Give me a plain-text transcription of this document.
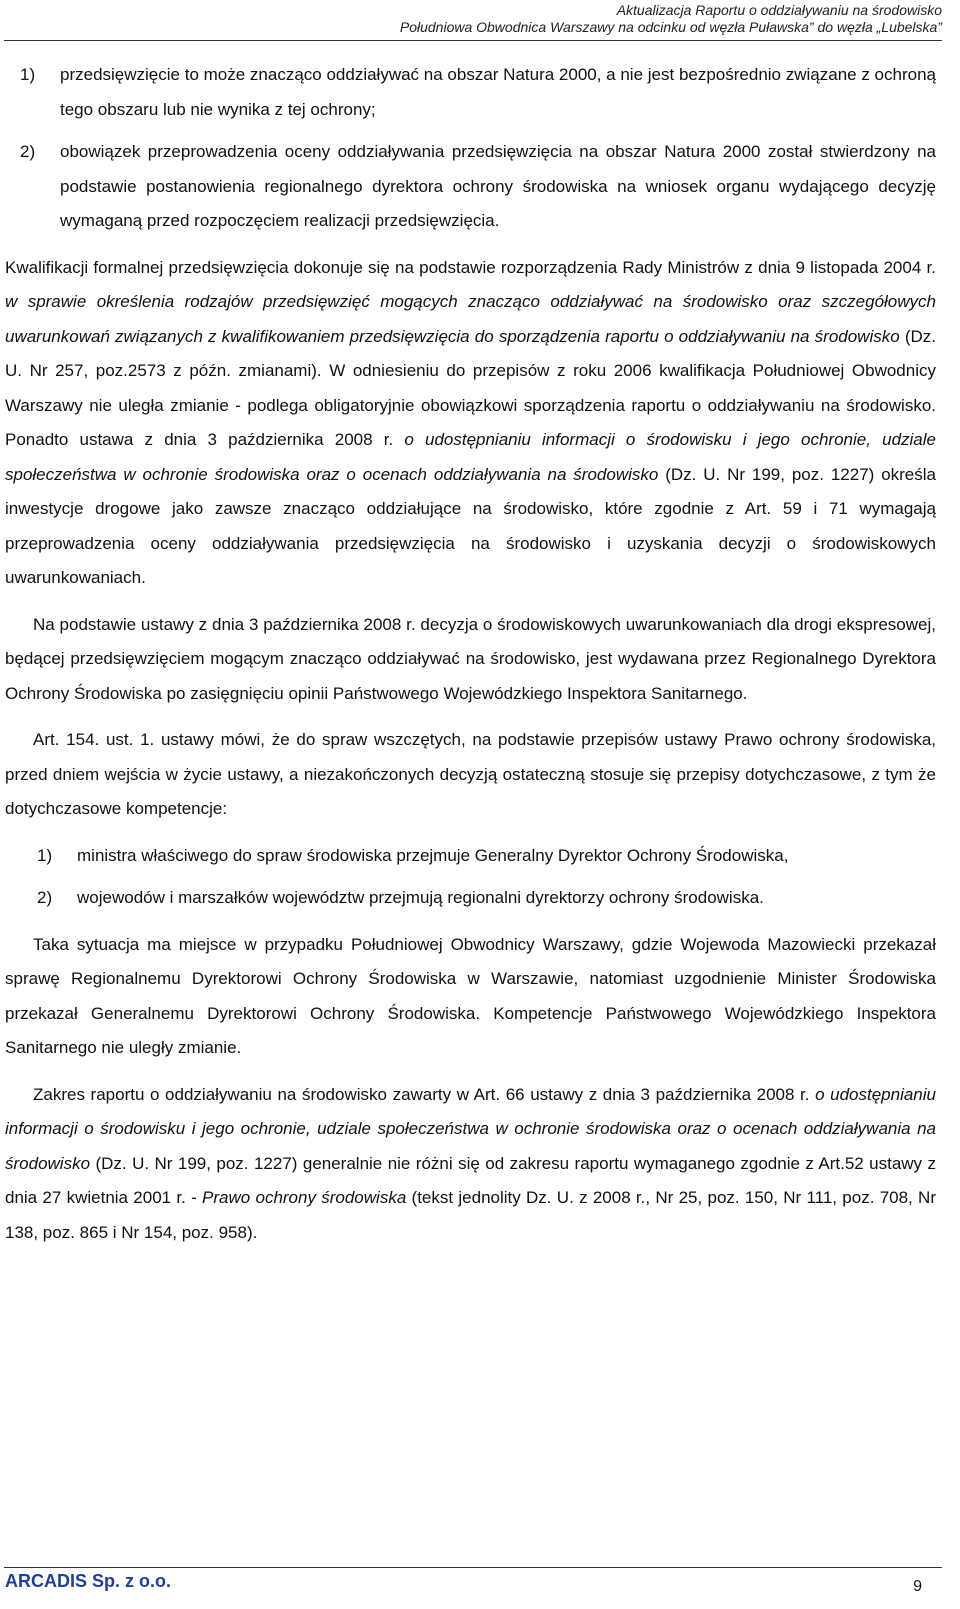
Aktualizacja Raportu o oddziaływaniu na środowisko
Południowa Obwodnica Warszawy na odcinku od węzła Puławska” do węzła „Lubelska”
1)	przedsięwzięcie to może znacząco oddziaływać na obszar Natura 2000, a nie jest bezpośrednio związane z ochroną tego obszaru lub nie wynika z tej ochrony;
2)	obowiązek przeprowadzenia oceny oddziaływania przedsięwzięcia na obszar Natura 2000 został stwierdzony na podstawie postanowienia regionalnego dyrektora ochrony środowiska na wniosek organu wydającego decyzję wymaganą przed rozpoczęciem realizacji przedsięwzięcia.

Kwalifikacji formalnej przedsięwzięcia dokonuje się na podstawie rozporządzenia Rady Ministrów z dnia 9 listopada 2004 r. w sprawie określenia rodzajów przedsięwzięć mogących znacząco oddziaływać na środowisko oraz szczegółowych uwarunkowań związanych z kwalifikowaniem przedsięwzięcia do sporządzenia raportu o oddziaływaniu na środowisko (Dz. U. Nr 257, poz.2573 z późn. zmianami). W odniesieniu do przepisów z roku 2006 kwalifikacja Południowej Obwodnicy Warszawy nie uległa zmianie - podlega obligatoryjnie obowiązkowi sporządzenia raportu o oddziaływaniu na środowisko. Ponadto ustawa z dnia 3 października 2008 r. o udostępnianiu informacji o środowisku i jego ochronie, udziale społeczeństwa w ochronie środowiska oraz o ocenach oddziaływania na środowisko (Dz. U. Nr 199, poz. 1227) określa inwestycje drogowe jako zawsze znacząco oddziałujące na środowisko, które zgodnie z Art. 59 i 71 wymagają przeprowadzenia oceny oddziaływania przedsięwzięcia na środowisko i uzyskania decyzji o środowiskowych uwarunkowaniach.

Na podstawie ustawy z dnia 3 października 2008 r. decyzja o środowiskowych uwarunkowaniach dla drogi ekspresowej, będącej przedsięwzięciem mogącym znacząco oddziaływać na środowisko, jest wydawana przez Regionalnego Dyrektora Ochrony Środowiska po zasięgnięciu opinii Państwowego Wojewódzkiego Inspektora Sanitarnego.

Art. 154. ust. 1. ustawy mówi, że do spraw wszczętych, na podstawie przepisów ustawy Prawo ochrony środowiska, przed dniem wejścia w życie ustawy, a niezakończonych decyzją ostateczną stosuje się przepisy dotychczasowe, z tym że dotychczasowe kompetencje:

1)	ministra właściwego do spraw środowiska przejmuje Generalny Dyrektor Ochrony Środowiska,
2)	wojewodów i marszałków województw przejmują regionalni dyrektorzy ochrony środowiska.

Taka sytuacja ma miejsce w przypadku Południowej Obwodnicy Warszawy, gdzie Wojewoda Mazowiecki przekazał sprawę Regionalnemu Dyrektorowi Ochrony Środowiska w Warszawie, natomiast uzgodnienie Minister Środowiska przekazał Generalnemu Dyrektorowi Ochrony Środowiska. Kompetencje Państwowego Wojewódzkiego Inspektora Sanitarnego nie uległy zmianie.

Zakres raportu o oddziaływaniu na środowisko zawarty w Art. 66 ustawy z dnia 3 października 2008 r. o udostępnianiu informacji o środowisku i jego ochronie, udziale społeczeństwa w ochronie środowiska oraz o ocenach oddziaływania na środowisko (Dz. U. Nr 199, poz. 1227) generalnie nie różni się od zakresu raportu wymaganego zgodnie z Art.52 ustawy z dnia 27 kwietnia 2001 r. - Prawo ochrony środowiska (tekst jednolity Dz. U. z 2008 r., Nr 25, poz. 150, Nr 111, poz. 708, Nr 138, poz. 865 i Nr 154, poz. 958).

ARCADIS Sp. z o.o.	9
